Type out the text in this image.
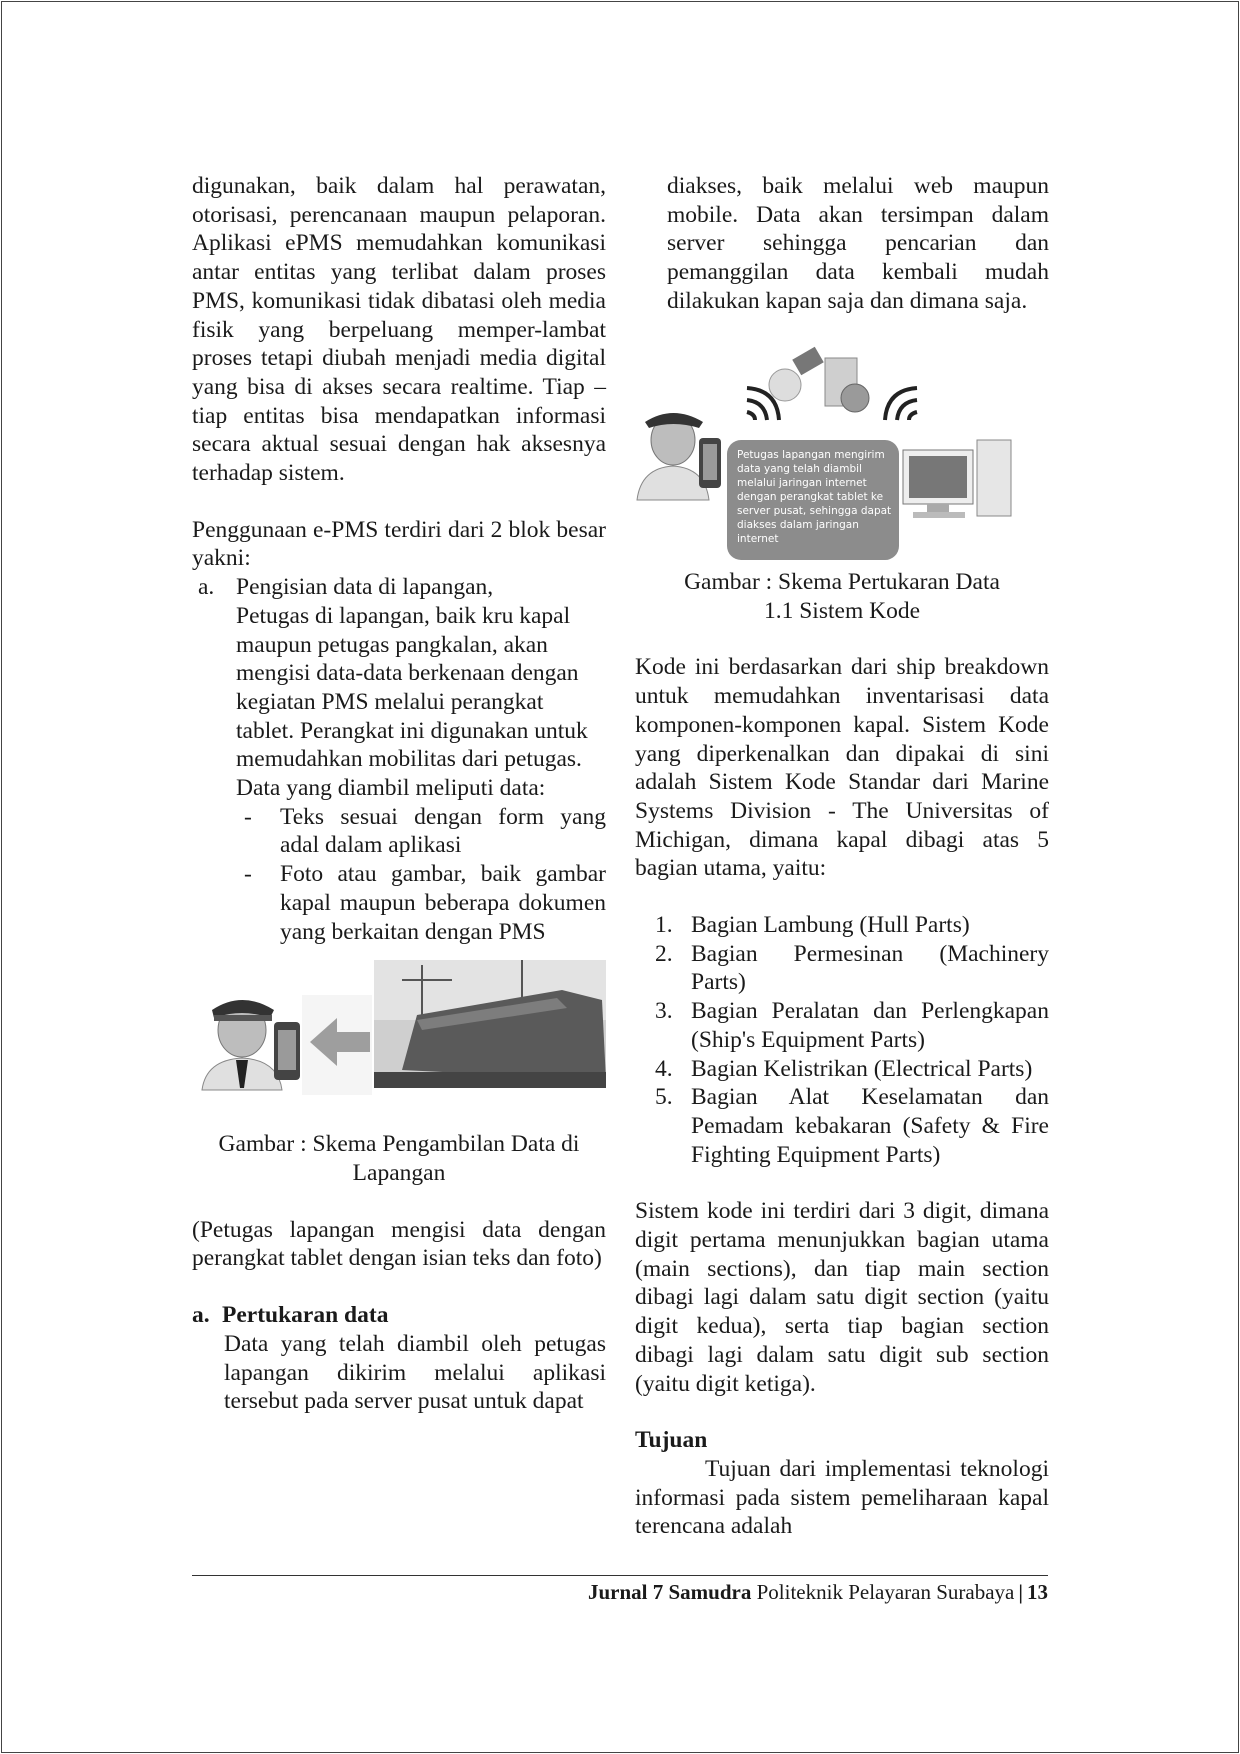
digunakan, baik dalam hal perawatan, otorisasi, perencanaan maupun pelaporan. Aplikasi ePMS memudahkan komunikasi antar entitas yang terlibat dalam proses PMS, komunikasi tidak dibatasi oleh media fisik yang berpeluang memper-lambat proses tetapi diubah menjadi media digital yang bisa di akses secara realtime. Tiap – tiap entitas bisa mendapatkan informasi secara aktual sesuai dengan hak aksesnya terhadap sistem.

Penggunaan e-PMS terdiri dari 2 blok besar yakni:

a. Pengisian data di lapangan,

Petugas di lapangan, baik kru kapal maupun petugas pangkalan, akan mengisi data-data berkenaan dengan kegiatan PMS melalui perangkat tablet. Perangkat ini digunakan untuk memudahkan mobilitas dari petugas.

Data yang diambil meliputi data:

-	Teks sesuai dengan form yang adal dalam aplikasi
-	Foto atau gambar, baik gambar kapal maupun beberapa dokumen yang berkaitan dengan PMS

Gambar : Skema Pengambilan Data di Lapangan

(Petugas lapangan mengisi data dengan perangkat tablet dengan isian teks dan foto)

a. Pertukaran data

Data yang telah diambil oleh petugas lapangan dikirim melalui aplikasi tersebut pada server pusat untuk dapat

diakses, baik melalui web maupun mobile. Data akan tersimpan dalam server sehingga pencarian dan pemanggilan data kembali mudah dilakukan kapan saja dan dimana saja.

Petugas lapangan mengirim
data yang telah diambil
melalui jaringan internet
dengan perangkat tablet ke
server pusat, sehingga dapat
diakses dalam jaringan
internet

Gambar : Skema Pertukaran Data

1.1 Sistem Kode

Kode ini berdasarkan dari ship breakdown untuk memudahkan inventarisasi data komponen-komponen kapal. Sistem Kode yang diperkenalkan dan dipakai di sini adalah Sistem Kode Standar dari Marine Systems Division - The Universitas of Michigan, dimana kapal dibagi atas 5 bagian utama, yaitu:

1. Bagian Lambung (Hull Parts)
2. Bagian Permesinan (Machinery Parts)
3. Bagian Peralatan dan Perlengkapan (Ship's Equipment Parts)
4. Bagian Kelistrikan (Electrical Parts)
5. Bagian Alat Keselamatan dan Pemadam kebakaran (Safety & Fire Fighting Equipment Parts)

Sistem kode ini terdiri dari 3 digit, dimana digit pertama menunjukkan bagian utama (main sections), dan tiap main section dibagi lagi dalam satu digit section (yaitu digit kedua), serta tiap bagian section dibagi lagi dalam satu digit sub section (yaitu digit ketiga).

Tujuan

Tujuan dari implementasi teknologi informasi pada sistem pemeliharaan kapal terencana adalah

Jurnal 7 Samudra Politeknik Pelayaran Surabaya | 13
